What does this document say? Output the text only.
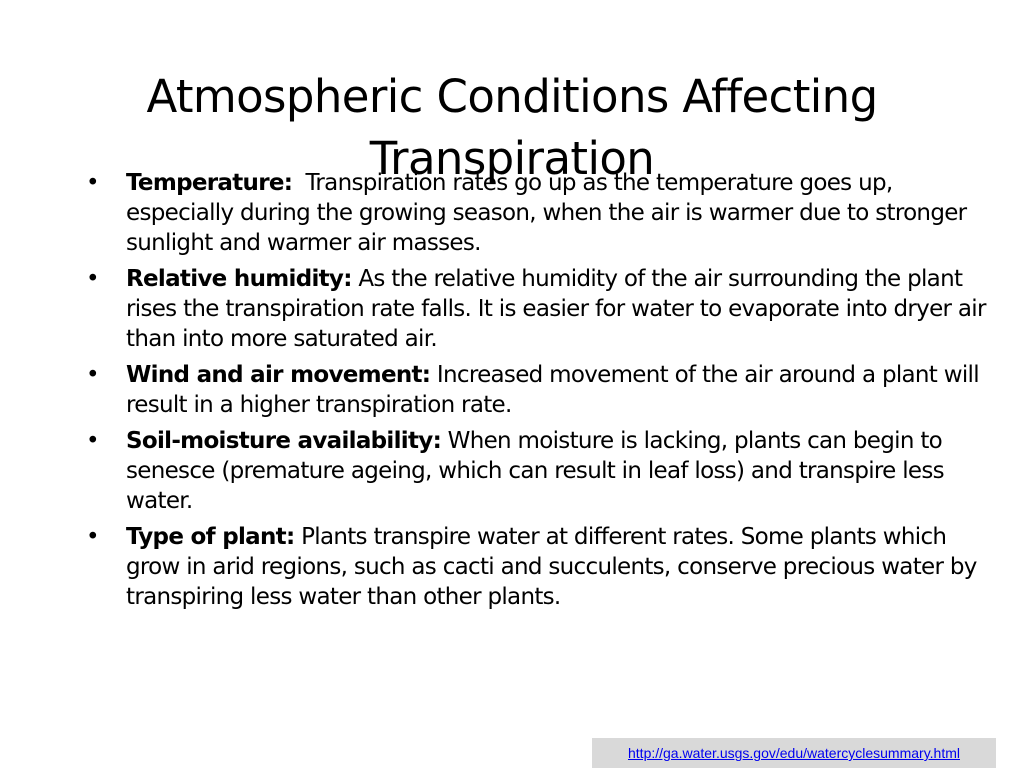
Atmospheric Conditions Affecting Transpiration
•	Temperature:  Transpiration rates go up as the temperature goes up, especially during the growing season, when the air is warmer due to stronger sunlight and warmer air masses.
•	Relative humidity: As the relative humidity of the air surrounding the plant rises the transpiration rate falls. It is easier for water to evaporate into dryer air than into more saturated air.
•	Wind and air movement: Increased movement of the air around a plant will result in a higher transpiration rate.
•	Soil-moisture availability: When moisture is lacking, plants can begin to senesce (premature ageing, which can result in leaf loss) and transpire less water.
•	Type of plant: Plants transpire water at different rates. Some plants which grow in arid regions, such as cacti and succulents, conserve precious water by transpiring less water than other plants.
http://ga.water.usgs.gov/edu/watercyclesummary.html
